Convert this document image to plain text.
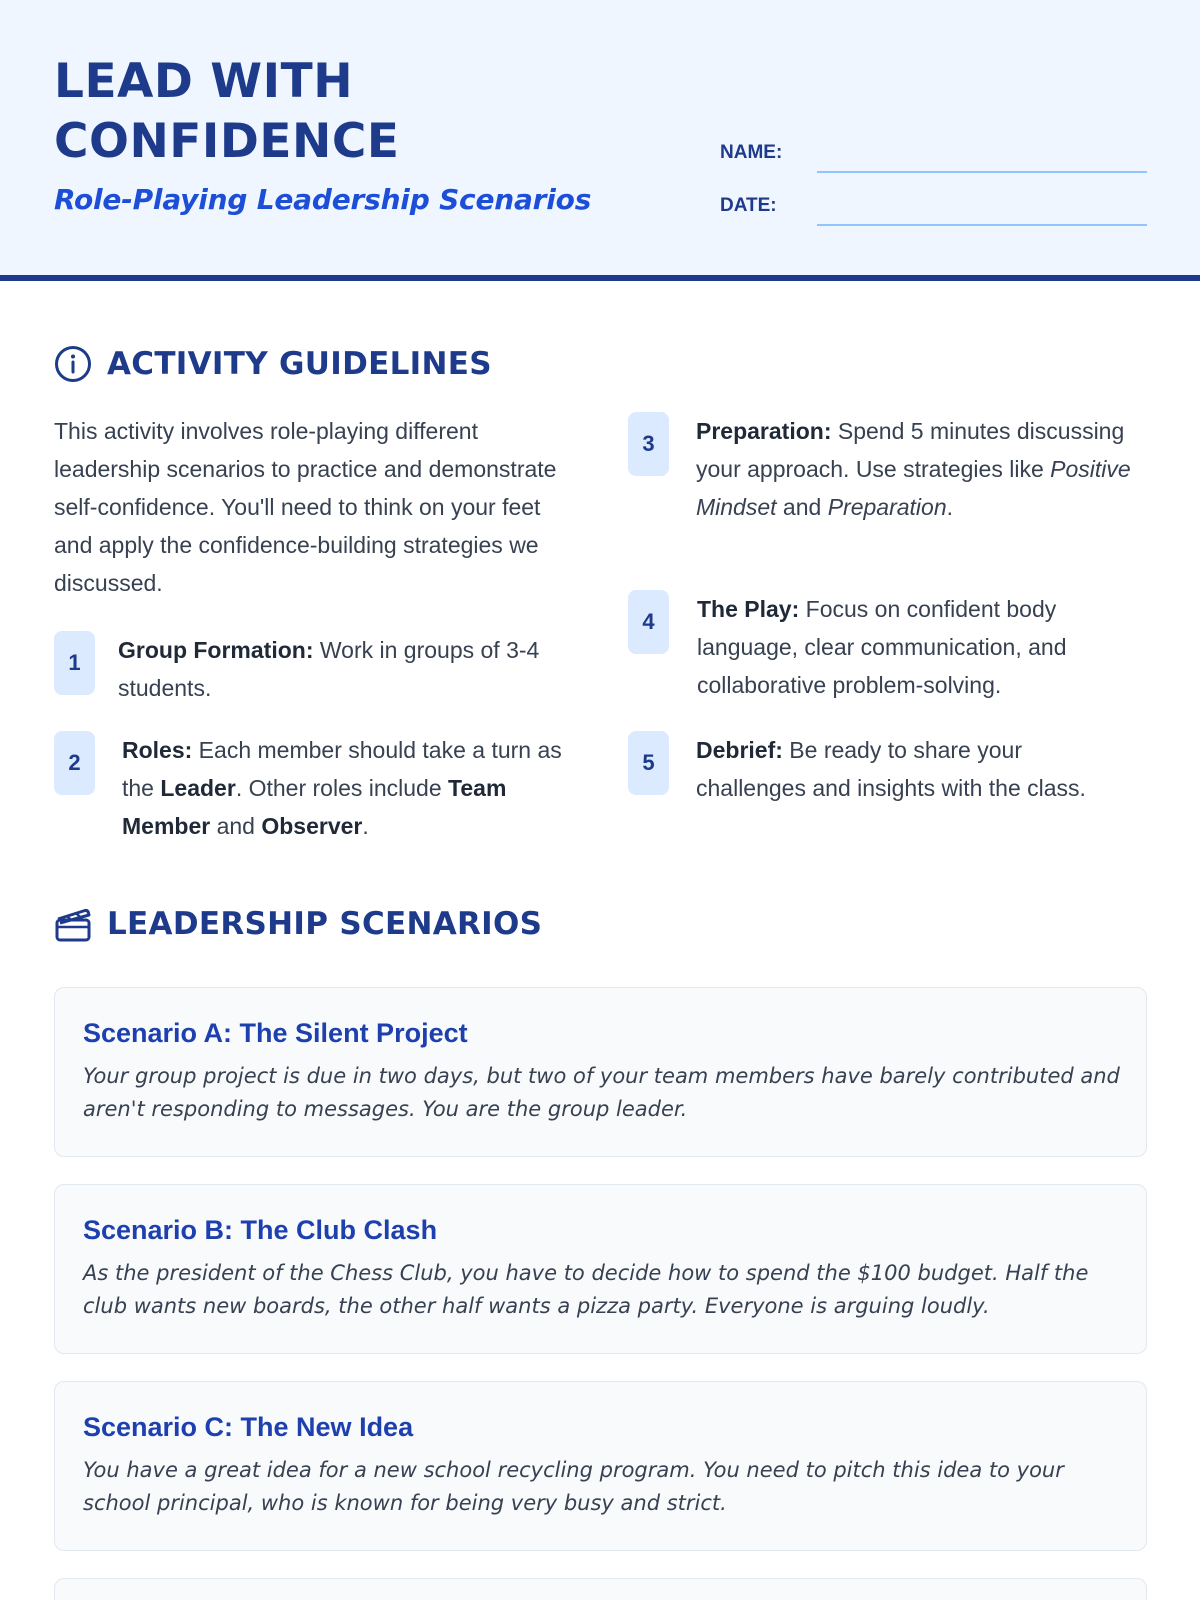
LEAD WITH
CONFIDENCE
Role-Playing Leadership Scenarios
NAME:
DATE:
ACTIVITY GUIDELINES
This activity involves role-playing different leadership scenarios to practice and demonstrate self-confidence. You'll need to think on your feet and apply the confidence-building strategies we discussed.
1	Group Formation: Work in groups of 3-4 students.
2	Roles: Each member should take a turn as the Leader. Other roles include Team Member and Observer.
3	Preparation: Spend 5 minutes discussing your approach. Use strategies like Positive Mindset and Preparation.
4	The Play: Focus on confident body language, clear communication, and collaborative problem-solving.
5	Debrief: Be ready to share your challenges and insights with the class.
LEADERSHIP SCENARIOS
Scenario A: The Silent Project
Your group project is due in two days, but two of your team members have barely contributed and aren't responding to messages. You are the group leader.
Scenario B: The Club Clash
As the president of the Chess Club, you have to decide how to spend the $100 budget. Half the club wants new boards, the other half wants a pizza party. Everyone is arguing loudly.
Scenario C: The New Idea
You have a great idea for a new school recycling program. You need to pitch this idea to your school principal, who is known for being very busy and strict.
